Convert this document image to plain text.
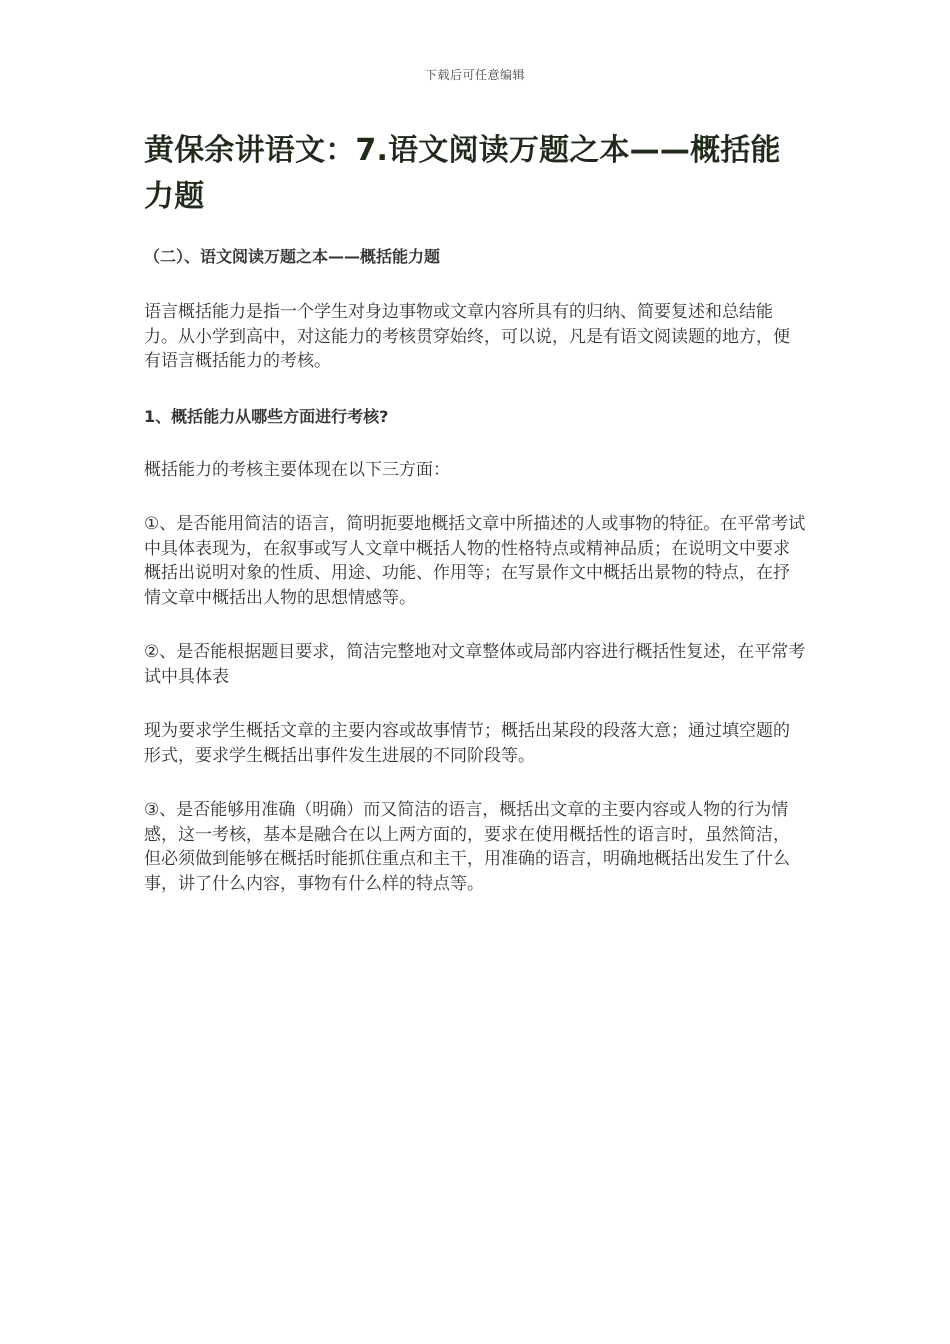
下载后可任意编辑
黄保余讲语文：7.语文阅读万题之本——概括能力题
（二）、语文阅读万题之本——概括能力题

语言概括能力是指一个学生对身边事物或文章内容所具有的归纳、简要复述和总结能力。从小学到高中，对这能力的考核贯穿始终，可以说，凡是有语文阅读题的地方，便有语言概括能力的考核。

1、概括能力从哪些方面进行考核?

概括能力的考核主要体现在以下三方面：

①、是否能用简洁的语言，简明扼要地概括文章中所描述的人或事物的特征。在平常考试中具体表现为，在叙事或写人文章中概括人物的性格特点或精神品质；在说明文中要求概括出说明对象的性质、用途、功能、作用等；在写景作文中概括出景物的特点，在抒情文章中概括出人物的思想情感等。

②、是否能根据题目要求，简洁完整地对文章整体或局部内容进行概括性复述，在平常考试中具体表

现为要求学生概括文章的主要内容或故事情节；概括出某段的段落大意；通过填空题的形式，要求学生概括出事件发生进展的不同阶段等。

③、是否能够用准确（明确）而又简洁的语言，概括出文章的主要内容或人物的行为情感，这一考核，基本是融合在以上两方面的，要求在使用概括性的语言时，虽然简洁，但必须做到能够在概括时能抓住重点和主干，用准确的语言，明确地概括出发生了什么事，讲了什么内容，事物有什么样的特点等。
